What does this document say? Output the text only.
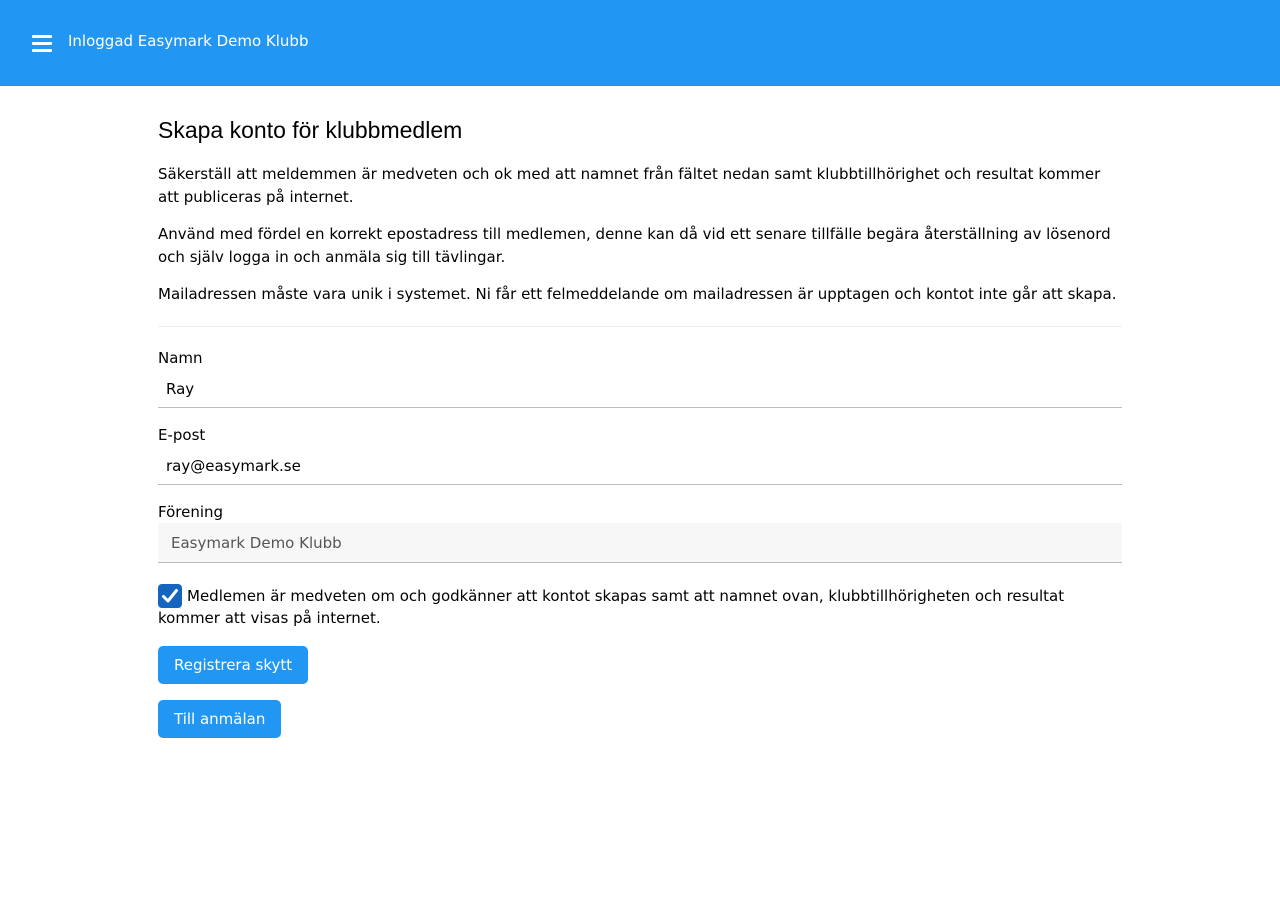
Inloggad Easymark Demo Klubb
Skapa konto för klubbmedlem

Säkerställ att meldemmen är medveten och ok med att namnet från fältet nedan samt klubbtillhörighet och resultat kommer att publiceras på internet.

Använd med fördel en korrekt epostadress till medlemen, denne kan då vid ett senare tillfälle begära återställning av lösenord och själv logga in och anmäla sig till tävlingar.

Mailadressen måste vara unik i systemet. Ni får ett felmeddelande om mailadressen är upptagen och kontot inte går att skapa.

Namn
Ray
E-post
ray@easymark.se
Förening
Easymark Demo Klubb

Medlemen är medveten om och godkänner att kontot skapas samt att namnet ovan, klubbtillhörigheten och resultat kommer att visas på internet.

Registrera skytt
Till anmälan
